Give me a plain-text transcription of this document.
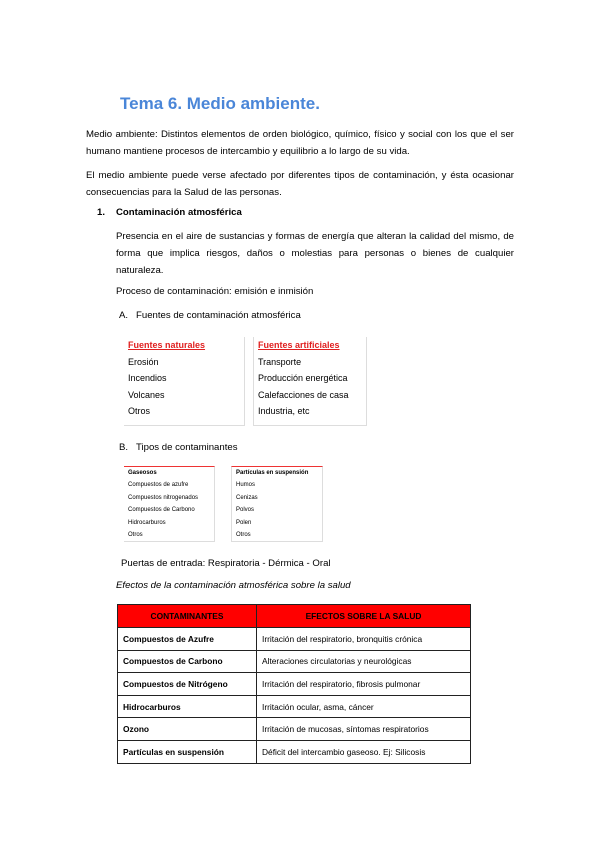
Tema 6. Medio ambiente.
Medio ambiente: Distintos elementos de orden biológico, químico, físico y social con los que el ser humano mantiene procesos de intercambio y equilibrio a lo largo de su vida.
El medio ambiente puede verse afectado por diferentes tipos de contaminación, y ésta ocasionar consecuencias para la Salud de las personas.
1. Contaminación atmosférica
Presencia en el aire de sustancias y formas de energía que alteran la calidad del mismo, de forma que implica riesgos, daños o molestias para personas o bienes de cualquier naturaleza.
Proceso de contaminación: emisión e inmisión
A. Fuentes de contaminación atmosférica
Fuentes naturales
Erosión
Incendios
Volcanes
Otros
Fuentes artificiales
Transporte
Producción energética
Calefacciones de casa
Industria, etc
B. Tipos de contaminantes
Gaseosos
Compuestos de azufre
Compuestos nitrogenados
Compuestos de Carbono
Hidrocarburos
Otros
Partículas en suspensión
Humos
Cenizas
Polvos
Polen
Otros
Puertas de entrada: Respiratoria - Dérmica - Oral
Efectos de la contaminación atmosférica sobre la salud
CONTAMINANTES	EFECTOS SOBRE LA SALUD
Compuestos de Azufre	Irritación del respiratorio, bronquitis crónica
Compuestos de Carbono	Alteraciones circulatorias y neurológicas
Compuestos de Nitrógeno	Irritación del respiratorio, fibrosis pulmonar
Hidrocarburos	Irritación ocular, asma, cáncer
Ozono	Irritación de mucosas, síntomas respiratorios
Partículas en suspensión	Déficit del intercambio gaseoso. Ej: Silicosis
